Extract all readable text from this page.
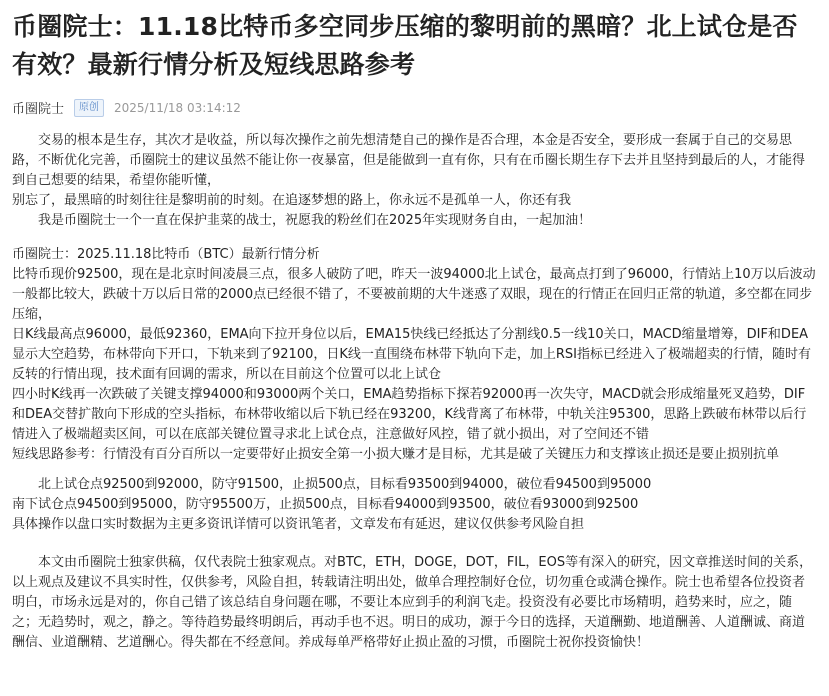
币圈院士：11.18比特币多空同步压缩的黎明前的黑暗？北上试仓是否有效？最新行情分析及短线思路参考
币圈院士	原创	2025/11/18 03:14:12

交易的根本是生存，其次才是收益，所以每次操作之前先想清楚自己的操作是否合理，本金是否安全，要形成一套属于自己的交易思路，不断优化完善，币圈院士的建议虽然不能让你一夜暴富，但是能做到一直有你，只有在币圈长期生存下去并且坚持到最后的人，才能得到自己想要的结果，希望你能听懂，

别忘了，最黑暗的时刻往往是黎明前的时刻。在追逐梦想的路上，你永远不是孤单一人，你还有我

我是币圈院士一个一直在保护韭菜的战士，祝愿我的粉丝们在2025年实现财务自由，一起加油！

币圈院士：2025.11.18比特币（BTC）最新行情分析

比特币现价92500，现在是北京时间凌晨三点，很多人破防了吧，昨天一波94000北上试仓，最高点打到了96000，行情站上10万以后波动一般都比较大，跌破十万以后日常的2000点已经很不错了，不要被前期的大牛迷惑了双眼，现在的行情正在回归正常的轨道，多空都在同步压缩，

日K线最高点96000，最低92360，EMA向下拉开身位以后，EMA15快线已经抵达了分割线0.5一线10关口，MACD缩量增筹，DIF和DEA显示大空趋势，布林带向下开口，下轨来到了92100，日K线一直围绕布林带下轨向下走，加上RSI指标已经进入了极端超卖的行情，随时有反转的行情出现，技术面有回调的需求，所以在目前这个位置可以北上试仓

四小时K线再一次跌破了关键支撑94000和93000两个关口，EMA趋势指标下探若92000再一次失守，MACD就会形成缩量死叉趋势，DIF和DEA交替扩散向下形成的空头指标，布林带收缩以后下轨已经在93200，K线背离了布林带，中轨关注95300，思路上跌破布林带以后行情进入了极端超卖区间，可以在底部关键位置寻求北上试仓点，注意做好风控，错了就小损出，对了空间还不错

短线思路参考：行情没有百分百所以一定要带好止损安全第一小损大赚才是目标，尤其是破了关键压力和支撑该止损还是要止损别抗单

北上试仓点92500到92000，防守91500，止损500点，目标看93500到94000，破位看94500到95000

南下试仓点94500到95000，防守95500万，止损500点，目标看94000到93500，破位看93000到92500

具体操作以盘口实时数据为主更多资讯详情可以资讯笔者，文章发布有延迟，建议仅供参考风险自担

本文由币圈院士独家供稿，仅代表院士独家观点。对BTC，ETH，DOGE，DOT，FIL，EOS等有深入的研究，因文章推送时间的关系，以上观点及建议不具实时性，仅供参考，风险自担，转载请注明出处，做单合理控制好仓位，切勿重仓或满仓操作。院士也希望各位投资者明白，市场永远是对的，你自己错了该总结自身问题在哪，不要让本应到手的利润飞走。投资没有必要比市场精明，趋势来时，应之，随之；无趋势时，观之，静之。等待趋势最终明朗后，再动手也不迟。明日的成功，源于今日的选择，天道酬勤、地道酬善、人道酬诚、商道酬信、业道酬精、艺道酬心。得失都在不经意间。养成每单严格带好止损止盈的习惯，币圈院士祝你投资愉快！
